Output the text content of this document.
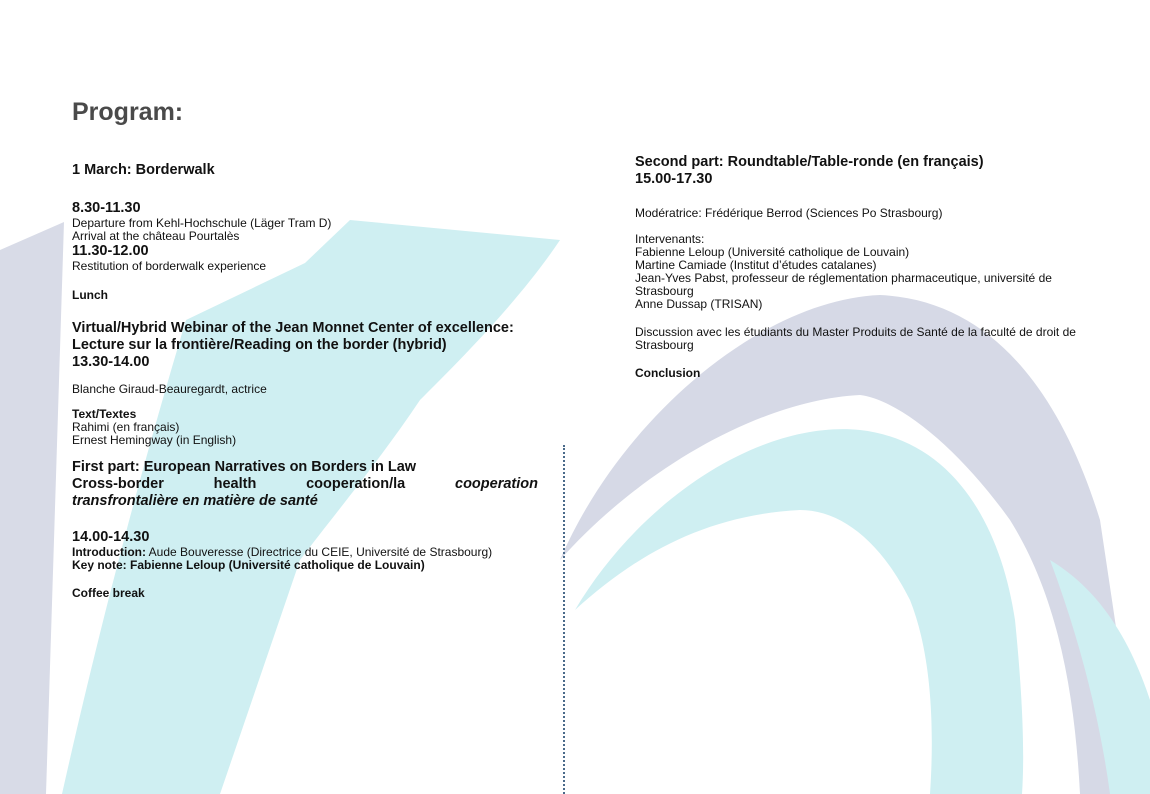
Program:
1 March: Borderwalk
8.30-11.30
Departure from Kehl-Hochschule (Läger Tram D)
Arrival at the château Pourtalès
11.30-12.00
Restitution of borderwalk experience
Lunch
Virtual/Hybrid Webinar of the Jean Monnet Center of excellence: Lecture sur la frontière/Reading on the border (hybrid)
13.30-14.00
Blanche Giraud-Beauregardt, actrice
Text/Textes
Rahimi (en français)
Ernest Hemingway (in English)
First part: European Narratives on Borders in Law
Cross-border health cooperation/la	cooperation
transfrontalière en matière de santé
14.00-14.30
Introduction: Aude Bouveresse (Directrice du CEIE, Université de Strasbourg)
Key note: Fabienne Leloup (Université catholique de Louvain)
Coffee break
Second part: Roundtable/Table-ronde (en français)
15.00-17.30
Modératrice: Frédérique Berrod (Sciences Po Strasbourg)
Intervenants:
Fabienne Leloup (Université catholique de Louvain)
Martine Camiade (Institut d’études catalanes)
Jean-Yves Pabst, professeur de réglementation pharmaceutique, université de Strasbourg
Anne Dussap (TRISAN)
Discussion avec les étudiants du Master Produits de Santé de la faculté de droit de Strasbourg
Conclusion
